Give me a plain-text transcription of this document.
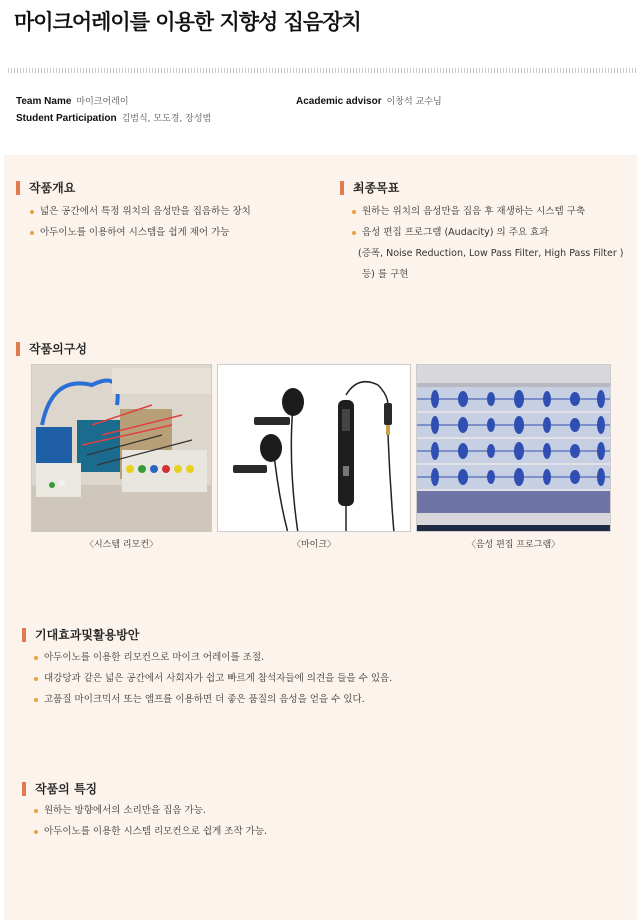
마이크어레이를 이용한 지향성 집음장치
Team Name 마이크어레이
Student Participation 김범식, 모도경, 장성범
Academic advisor 이창석 교수님
작품개요
넓은 공간에서 특정 위치의 음성만을 집음하는 장치
아두이노를 이용하여 시스템을 쉽게 제어 가능
최종목표
원하는 위치의 음성만을 집음 후 재생하는 시스템 구축
음성 편집 프로그램 (Audacity) 의 주요 효과
(증폭, Noise Reduction, Low Pass Filter, High Pass Filter )
등) 를 구현
작품의구성
〈시스템 리모컨〉	〈마이크〉	〈음성 편집 프로그램〉
기대효과및활용방안
아두이노를 이용한 리모컨으로 마이크 어레이를 조절.
대강당과 같은 넓은 공간에서 사회자가 쉽고 빠르게 참석자들에 의견을 들을 수 있음.
고품질 마이크믹서 또는 앰프를 이용하면 더 좋은 품질의 음성을 얻을 수 있다.
작품의 특징
원하는 방향에서의 소리만을 집음 가능.
아두이노를 이용한 시스템 리모컨으로 쉽게 조작 가능.
